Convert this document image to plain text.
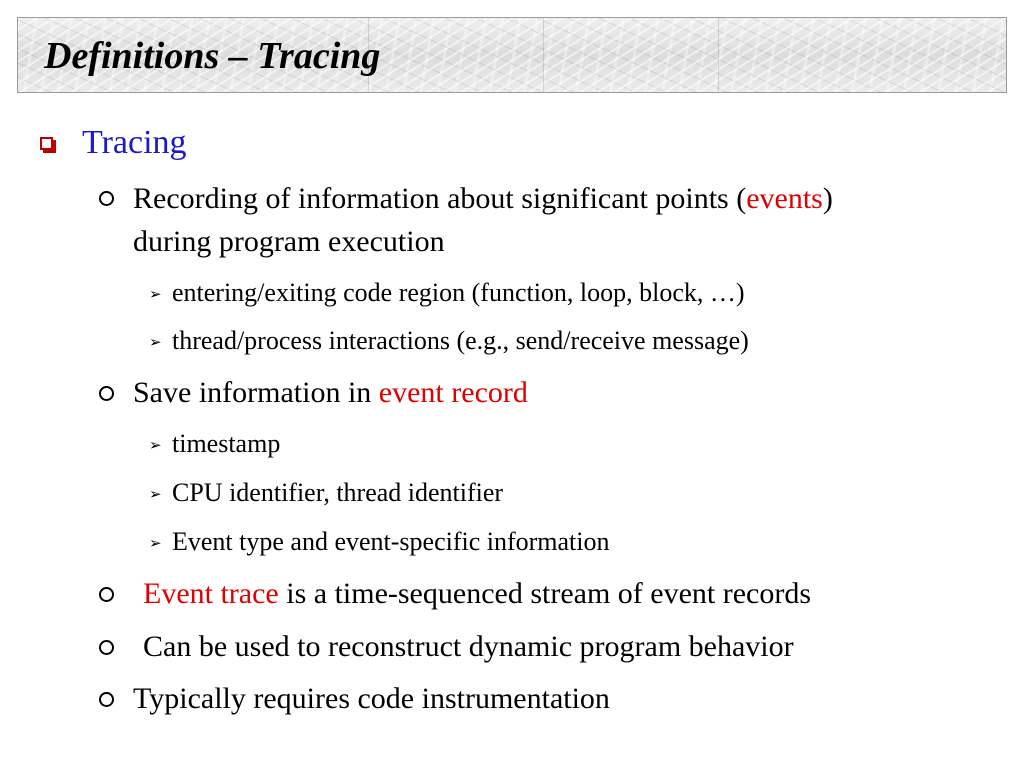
Definitions – Tracing
Tracing
Recording of information about significant points (events)
during program execution
➢ entering/exiting code region (function, loop, block, …)
➢ thread/process interactions (e.g., send/receive message)
Save information in event record
➢ timestamp
➢ CPU identifier, thread identifier
➢ Event type and event-specific information
Event trace is a time-sequenced stream of event records
Can be used to reconstruct dynamic program behavior
Typically requires code instrumentation
